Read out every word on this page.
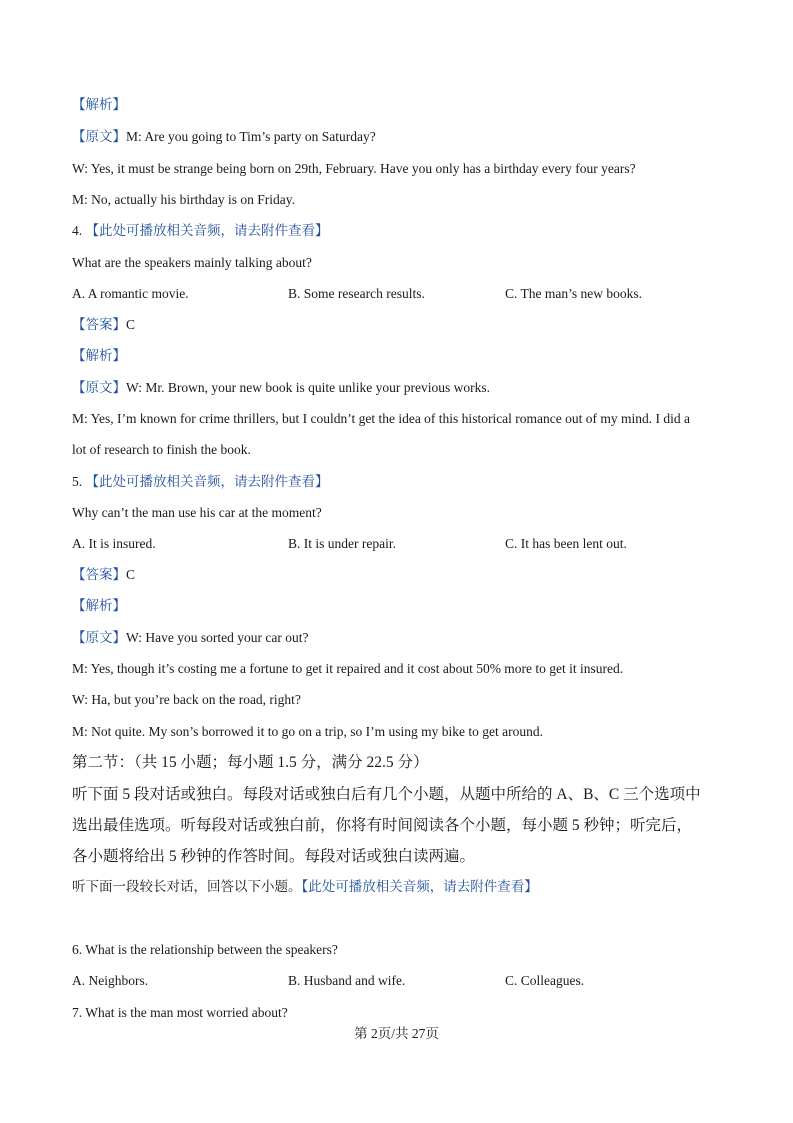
【解析】
【原文】M: Are you going to Tim’s party on Saturday?
W: Yes, it must be strange being born on 29th, February. Have you only has a birthday every four years?
M: No, actually his birthday is on Friday.
4. 【此处可播放相关音频，请去附件查看】
What are the speakers mainly talking about?
A. A romantic movie.	B. Some research results.	C. The man’s new books.
【答案】C
【解析】
【原文】W: Mr. Brown, your new book is quite unlike your previous works.
M: Yes, I’m known for crime thrillers, but I couldn’t get the idea of this historical romance out of my mind. I did a
lot of research to finish the book.
5. 【此处可播放相关音频，请去附件查看】
Why can’t the man use his car at the moment?
A. It is insured.	B. It is under repair.	C. It has been lent out.
【答案】C
【解析】
【原文】W: Have you sorted your car out?
M: Yes, though it’s costing me a fortune to get it repaired and it cost about 50% more to get it insured.
W: Ha, but you’re back on the road, right?
M: Not quite. My son’s borrowed it to go on a trip, so I’m using my bike to get around.
第二节：（共 15 小题；每小题 1.5 分，满分 22.5 分）
听下面 5 段对话或独白。每段对话或独白后有几个小题，从题中所给的 A、B、C 三个选项中
选出最佳选项。听每段对话或独白前，你将有时间阅读各个小题，每小题 5 秒钟；听完后，
各小题将给出 5 秒钟的作答时间。每段对话或独白读两遍。
听下面一段较长对话，回答以下小题。【此处可播放相关音频，请去附件查看】
6. What is the relationship between the speakers?
A. Neighbors.	B. Husband and wife.	C. Colleagues.
7. What is the man most worried about?
第 2页/共 27页
